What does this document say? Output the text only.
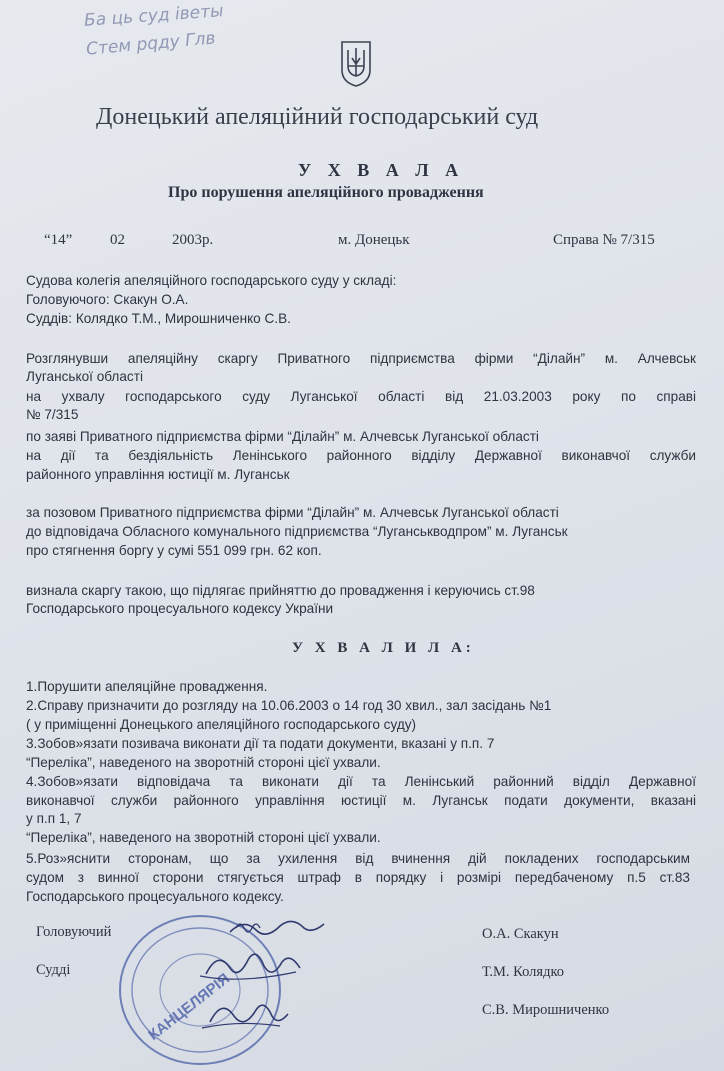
Ба ць суд iветы
Стем рqду Глв
Донецький апеляційний господарський суд
У Х В А Л А
Про порушення апеляційного провадження
“14”	02	2003р.	м. Донецьк	Справа № 7/315
Судова колегія апеляційного господарського суду у складі:
Головуючого: Скакун О.А.
Суддів: Колядко Т.М., Мирошниченко С.В.
Розглянувши апеляційну скаргу Приватного підприємства фірми “Ділайн” м. Алчевськ
Луганської області
на ухвалу господарського суду Луганської області від 21.03.2003 року по справі
№ 7/315
по заяві Приватного підприємства фірми “Ділайн” м. Алчевськ Луганської області
на дії та бездіяльність Ленінського районного відділу Державної виконавчої служби
районного управління юстиції м. Луганськ
за позовом Приватного підприємства фірми “Ділайн” м. Алчевськ Луганської області
до відповідача Обласного комунального підприємства “Луганськводпром” м. Луганськ
про стягнення боргу у сумі 551 099 грн. 62 коп.
визнала скаргу такою, що підлягає прийняттю до провадження і керуючись ст.98
Господарського процесуального кодексу України
У Х В А Л И Л А:
1.Порушити апеляційне провадження.
2.Справу призначити до розгляду на 10.06.2003 о 14 год 30 хвил., зал засідань №1
( у приміщенні Донецького апеляційного господарського суду)
3.Зобов»язати позивача виконати дії та подати документи, вказані у п.п. 7
“Переліка”, наведеного на зворотній стороні цієї ухвали.
4.Зобов»язати відповідача та виконати дії та Ленінський районний відділ Державної
виконавчої служби районного управління юстиції м. Луганськ подати документи, вказані
у п.п 1, 7
“Переліка”, наведеного на зворотній стороні цієї ухвали.
5.Роз»яснити сторонам, що за ухилення від вчинення дій покладених господарським
судом з винної сторони стягується штраф в порядку і розмірі передбаченому п.5 ст.83
Господарського процесуального кодексу.
Головуючий
Судді
О.А. Скакун
Т.М. Колядко
С.В. Мирошниченко
КАНЦЕЛЯРІЯ
